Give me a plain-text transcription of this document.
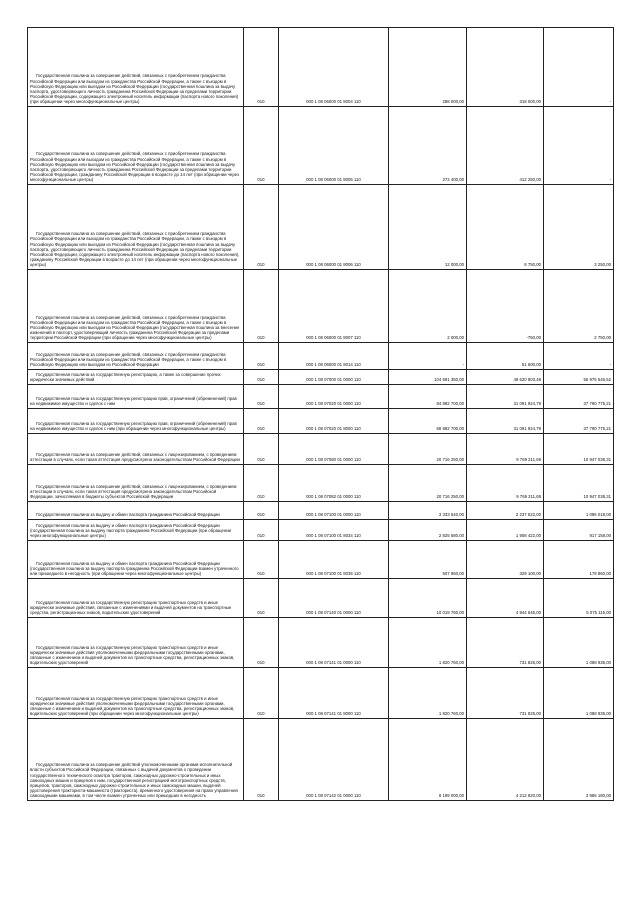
Государственная пошлина за совершение действий, связанных с приобретением гражданства Российской Федерации или выходом из гражданства Российской Федерации, а также с въездом в Российскую Федерацию или выездом из Российской Федерации (государственная пошлина за выдачу паспорта, удостоверяющего личность гражданина Российской Федерации за пределами территории Российской Федерации, содержащего электронный носитель информации (паспорта нового поколения) (при обращении через многофункциональные центры)	010	000 1 08 06000 01 8004 110	288 000,00	318 000,00	-

Государственная пошлина за совершение действий, связанных с приобретением гражданства Российской Федерации или выходом из гражданства Российской Федерации, а также с въездом в Российскую Федерацию или выездом из Российской Федерации (государственная пошлина за выдачу паспорта, удостоверяющего личность гражданина Российской Федерации за пределами территории Российской Федерации, гражданину Российской Федерации в возрасте до 14 лет (при обращении через многофункциональные центры)	010	000 1 08 06000 01 8005 110	272 400,00	412 250,00	-

Государственная пошлина за совершение действий, связанных с приобретением гражданства Российской Федерации или выходом из гражданства Российской Федерации, а также с въездом в Российскую Федерацию или выездом из Российской Федерации (государственная пошлина за выдачу паспорта, удостоверяющего личность гражданина Российской Федерации за пределами территории Российской Федерации, содержащего электронный носитель информации (паспорта нового поколения), гражданину Российской Федерации в возрасте до 14 лет (при обращении через многофункциональные центры)	010	000 1 08 06000 01 8006 110	12 000,00	8 750,00	3 250,00

Государственная пошлина за совершение действий, связанных с приобретением гражданства Российской Федерации или выходом из гражданства Российской Федерации, а также с въездом в Российскую Федерацию или выездом из Российской Федерации (государственная пошлина за внесение изменений в паспорт, удостоверяющий личность гражданина Российской Федерации за пределами территории Российской Федерации (при обращении через многофункциональные центры)	010	000 1 08 06000 01 8007 110	2 000,00	-750,00	2 750,00

Государственная пошлина за совершение действий, связанных с приобретением гражданства Российской Федерации или выходом из гражданства Российской Федерации, а также с въездом в Российскую Федерацию или выездом из Российской Федерации	010	000 1 08 06000 01 8014 110	-	61 600,00	-

Государственная пошлина за государственную регистрацию, а также за совершение прочих юридически значимых действий	010	000 1 08 07000 01 0000 110	104 591 350,00	48 620 803,48	55 975 546,52

Государственная пошлина за государственную регистрацию прав, ограничений (обременений) прав на недвижимое имущество и сделок с ним	010	000 1 08 07020 01 0000 110	84 882 700,00	31 091 924,79	37 790 775,21

Государственная пошлина за государственную регистрацию прав, ограничений (обременений) прав на недвижимое имущество и сделок с ним (при обращении через многофункциональные центры)	010	000 1 08 07020 01 8000 110	68 882 700,00	31 091 924,79	37 790 775,21

Государственная пошлина за совершение действий, связанных с лицензированием, с проведением аттестации в случаях, если такая аттестация предусмотрена законодательством Российской Федерации	010	000 1 08 07080 01 0000 110	20 716 250,00	9 769 211,69	10 947 038,31

Государственная пошлина за совершение действий, связанных с лицензированием, с проведением аттестации в случаях, если такая аттестация предусмотрена законодательством Российской Федерации, зачисляемая в бюджеты субъектов Российской Федерации	010	000 1 08 07082 01 0000 110	20 716 250,00	9 769 211,69	10 947 038,31

Государственная пошлина за выдачу и обмен паспорта гражданина Российской Федерации	010	000 1 08 07100 01 0000 110	3 333 540,00	2 237 522,00	1 096 018,00

Государственная пошлина за выдачу и обмен паспорта гражданина Российской Федерации (государственная пошлина за выдачу паспорта гражданина Российской Федерации (при обращении через многофункциональные центры)	010	000 1 08 07100 01 8034 110	2 825 580,00	1 908 422,00	917 158,00

Государственная пошлина за выдачу и обмен паспорта гражданина Российской Федерации (государственная пошлина за выдачу паспорта гражданина Российской Федерации взамен утраченного или пришедшего в негодность (при обращении через многофункциональные центры)	010	000 1 08 07100 01 8035 110	507 960,00	329 100,00	178 860,00

Государственная пошлина за государственную регистрацию транспортных средств и иные юридически значимые действия, связанные с изменениями и выдачей документов на транспортные средства, регистрационных знаков, водительских удостоверений	010	000 1 08 07140 01 0000 110	10 019 760,00	4 944 645,00	5 075 115,00

Государственная пошлина за государственную регистрацию транспортных средств и иные юридически значимые действия уполномоченными федеральными государственными органами, связанные с изменением и выдачей документов на транспортные средства, регистрационных знаков, водительских удостоверений	010	000 1 08 07141 01 0000 110	1 820 760,00	731 825,00	1 088 935,00

Государственная пошлина за государственную регистрацию транспортных средств и иные юридически значимые действия уполномоченными федеральными государственными органами, связанные с изменением и выдачей документов на транспортные средства, регистрационных знаков, водительских удостоверений (при обращении через многофункциональные центры)	010	000 1 08 07141 01 8000 110	1 820 760,00	731 825,00	1 088 935,00

Государственная пошлина за совершение действий уполномоченными органами исполнительной власти субъектов Российской Федерации, связанных с выдачей документов о проведении государственного технического осмотра тракторов, самоходных дорожно-строительных и иных самоходных машин и прицепов к ним, государственной регистрацией мототранспортных средств, прицепов, тракторов, самоходных дорожно-строительных и иных самоходных машин, выдачей удостоверения тракториста-машиниста (тракториста), временного удостоверения на право управления самоходными машинами, в том числе взамен утраченных или пришедших в негодность	010	000 1 08 07142 01 0000 110	8 199 000,00	4 212 820,00	3 986 180,00
